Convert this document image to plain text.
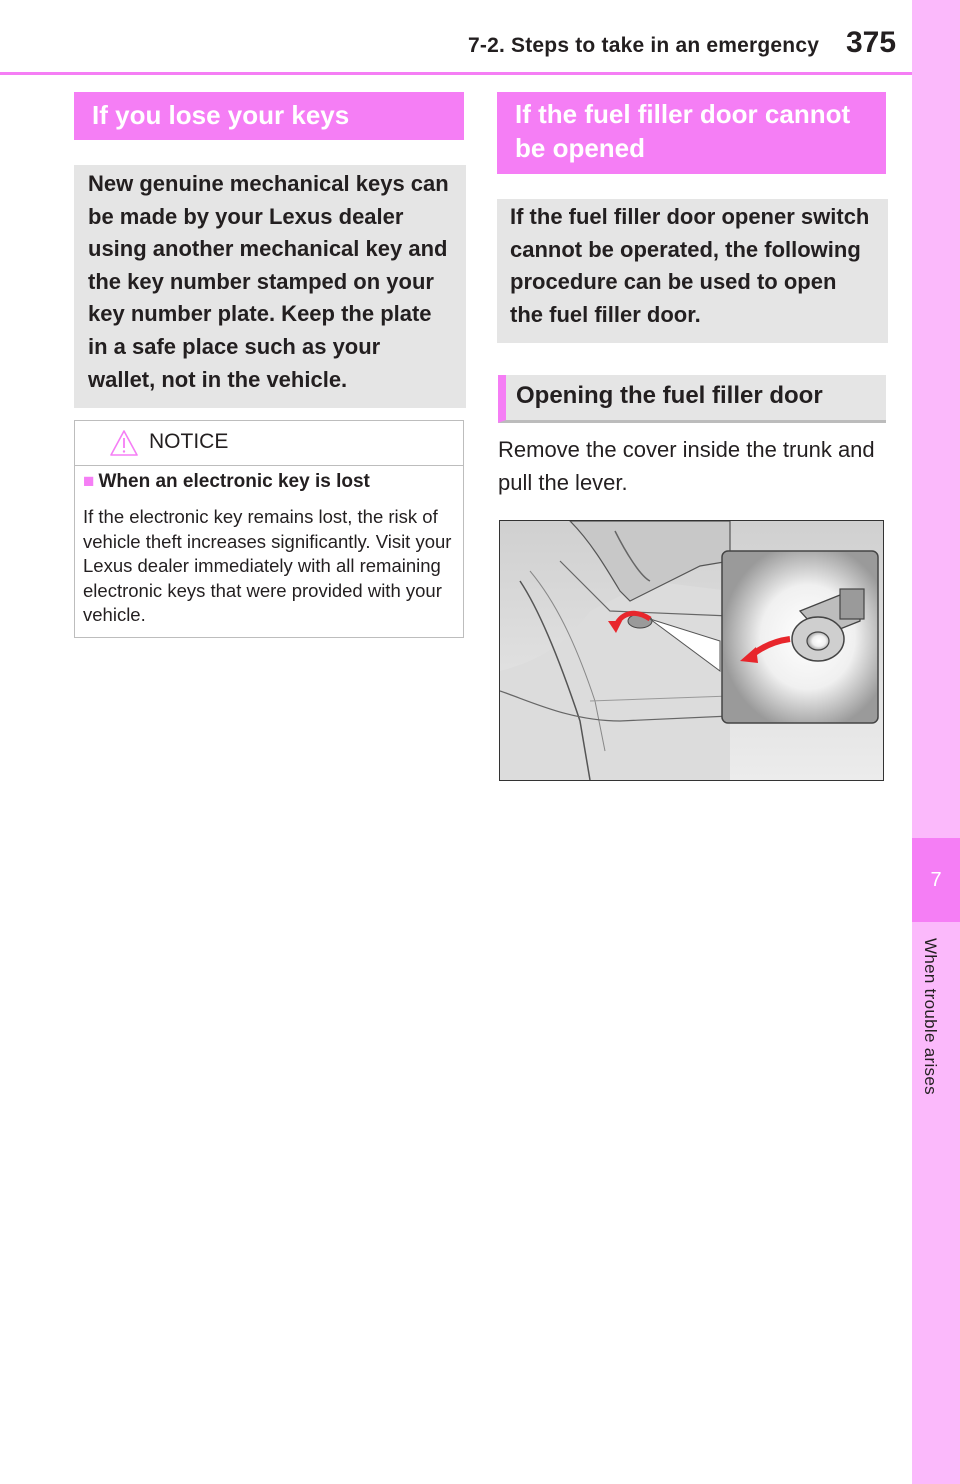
7-2. Steps to take in an emergency 375
7
When trouble arises
If you lose your keys
New genuine mechanical keys can be made by your Lexus dealer using another mechanical key and the key number stamped on your key number plate. Keep the plate in a safe place such as your wallet, not in the vehicle.
NOTICE
■ When an electronic key is lost
If the electronic key remains lost, the risk of vehicle theft increases significantly. Visit your Lexus dealer immediately with all remaining electronic keys that were provided with your vehicle.
If the fuel filler door cannot be opened
If the fuel filler door opener switch cannot be operated, the following procedure can be used to open the fuel filler door.
Opening the fuel filler door
Remove the cover inside the trunk and pull the lever.
